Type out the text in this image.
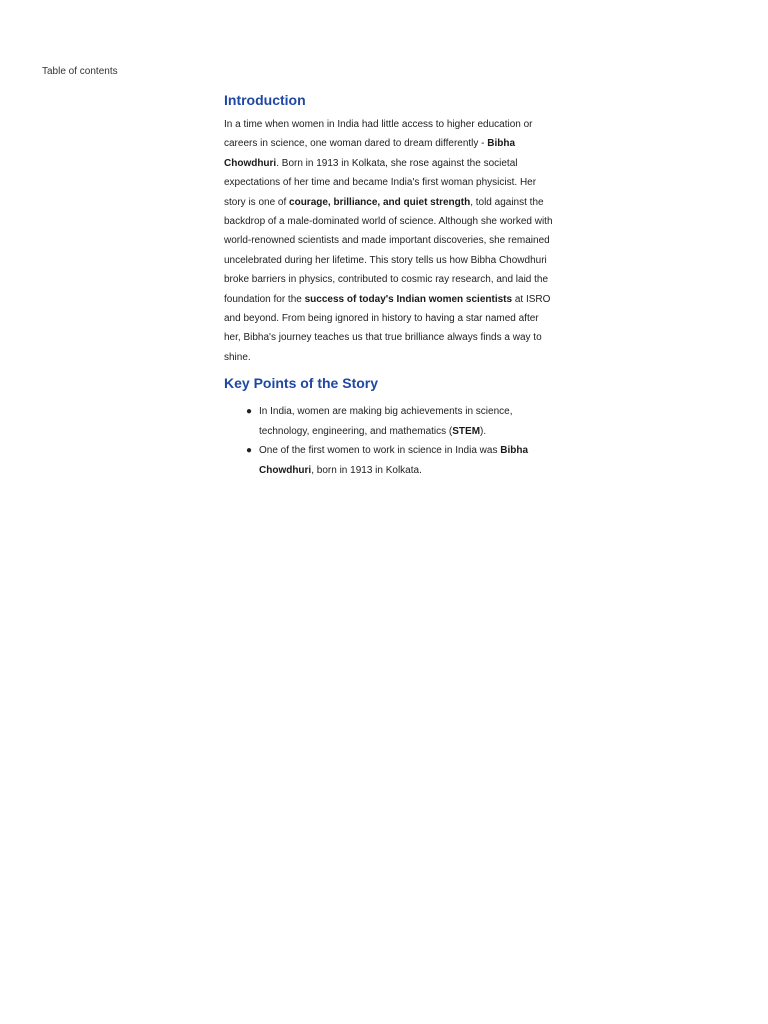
Table of contents
Introduction

In a time when women in India had little access to higher education or careers in science, one woman dared to dream differently - Bibha Chowdhuri. Born in 1913 in Kolkata, she rose against the societal expectations of her time and became India's first woman physicist. Her story is one of courage, brilliance, and quiet strength, told against the backdrop of a male-dominated world of science. Although she worked with world-renowned scientists and made important discoveries, she remained uncelebrated during her lifetime. This story tells us how Bibha Chowdhuri broke barriers in physics, contributed to cosmic ray research, and laid the foundation for the success of today's Indian women scientists at ISRO and beyond. From being ignored in history to having a star named after her, Bibha's journey teaches us that true brilliance always finds a way to shine.

Key Points of the Story
● In India, women are making big achievements in science, technology, engineering, and mathematics (STEM).
● One of the first women to work in science in India was Bibha Chowdhuri, born in 1913 in Kolkata.
